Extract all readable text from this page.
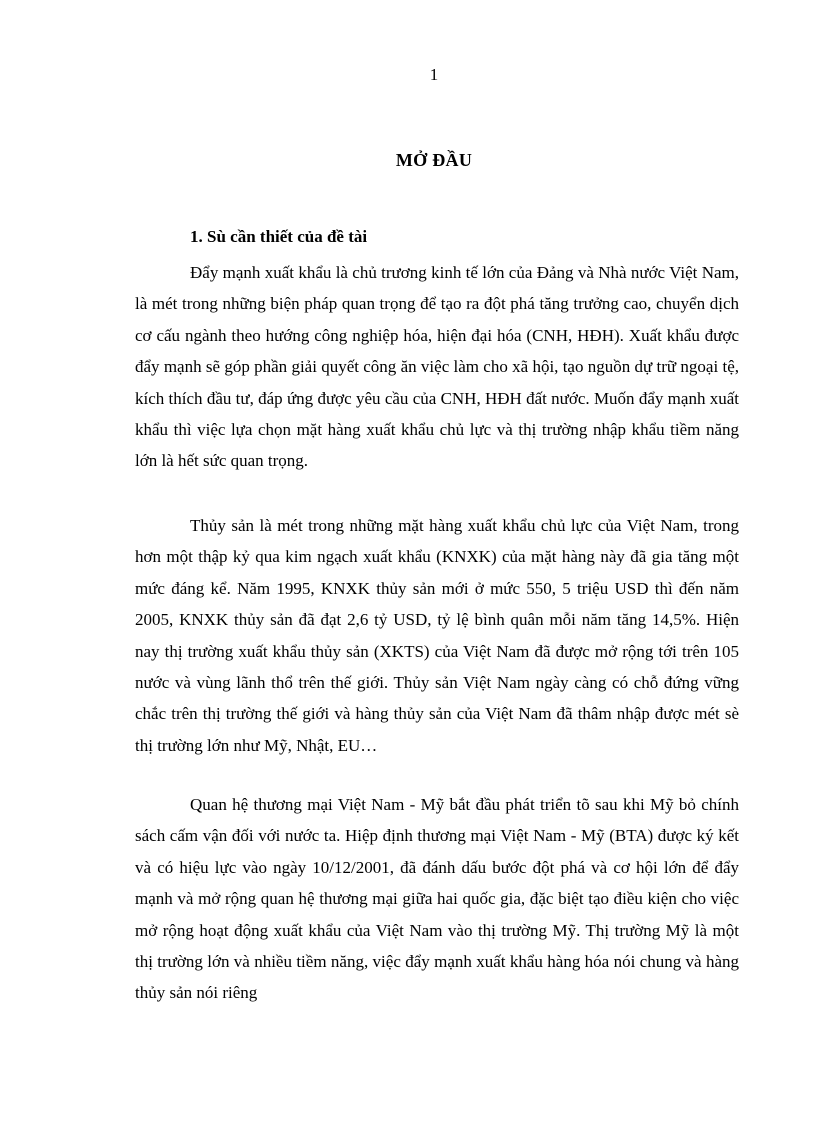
1
MỞ ĐẦU
1. Sù cần thiết của đề tài

Đẩy mạnh xuất khẩu là chủ trương kinh tế lớn của Đảng và Nhà nước Việt Nam, là mét trong những biện pháp quan trọng để tạo ra đột phá tăng trưởng cao, chuyển dịch cơ cấu ngành theo hướng công nghiệp hóa, hiện đại hóa (CNH, HĐH). Xuất khẩu được đẩy mạnh sẽ góp phần giải quyết công ăn việc làm cho xã hội, tạo nguồn dự trữ ngoại tệ, kích thích đầu tư, đáp ứng được yêu cầu của CNH, HĐH đất nước. Muốn đẩy mạnh xuất khẩu thì việc lựa chọn mặt hàng xuất khẩu chủ lực và thị trường nhập khẩu tiềm năng lớn là hết sức quan trọng.

Thủy sản là mét trong những mặt hàng xuất khẩu chủ lực của Việt Nam, trong hơn một thập kỷ qua kim ngạch xuất khẩu (KNXK) của mặt hàng này đã gia tăng một mức đáng kể. Năm 1995, KNXK thủy sản mới ở mức 550, 5 triệu USD thì đến năm 2005, KNXK thủy sản đã đạt 2,6 tỷ USD, tỷ lệ bình quân mỗi năm tăng 14,5%. Hiện nay thị trường xuất khẩu thủy sản (XKTS) của Việt Nam đã được mở rộng tới trên 105 nước và vùng lãnh thổ trên thế giới. Thủy sản Việt Nam ngày càng có chỗ đứng vững chắc trên thị trường thế giới và hàng thủy sản của Việt Nam đã thâm nhập được mét sè thị trường lớn như Mỹ, Nhật, EU…

Quan hệ thương mại Việt Nam - Mỹ bắt đầu phát triển tõ sau khi Mỹ bỏ chính sách cấm vận đối với nước ta. Hiệp định thương mại Việt Nam - Mỹ (BTA) được ký kết và có hiệu lực vào ngày 10/12/2001, đã đánh dấu bước đột phá và cơ hội lớn để đẩy mạnh và mở rộng quan hệ thương mại giữa hai quốc gia, đặc biệt tạo điều kiện cho việc mở rộng hoạt động xuất khẩu của Việt Nam vào thị trường Mỹ. Thị trường Mỹ là một thị trường lớn và nhiều tiềm năng, việc đẩy mạnh xuất khẩu hàng hóa nói chung và hàng thủy sản nói riêng
